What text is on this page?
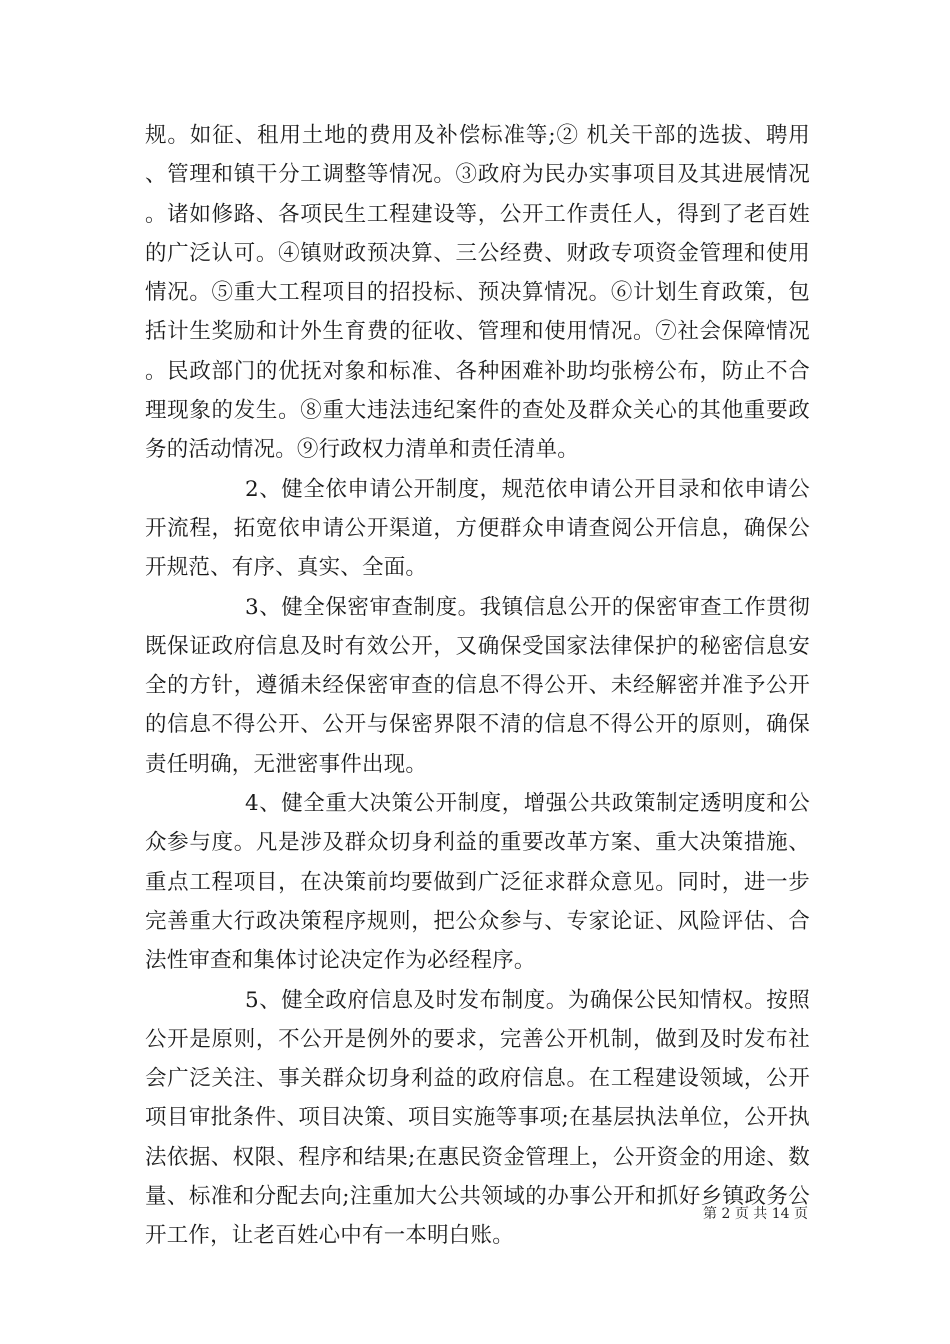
规。如征、租用土地的费用及补偿标准等;② 机关干部的选拔、聘用、管理和镇干分工调整等情况。③政府为民办实事项目及其进展情况。诸如修路、各项民生工程建设等，公开工作责任人，得到了老百姓的广泛认可。④镇财政预决算、三公经费、财政专项资金管理和使用情况。⑤重大工程项目的招投标、预决算情况。⑥计划生育政策，包括计生奖励和计外生育费的征收、管理和使用情况。⑦社会保障情况。民政部门的优抚对象和标准、各种困难补助均张榜公布，防止不合理现象的发生。⑧重大违法违纪案件的查处及群众关心的其他重要政务的活动情况。⑨行政权力清单和责任清单。

2、健全依申请公开制度，规范依申请公开目录和依申请公开流程，拓宽依申请公开渠道，方便群众申请查阅公开信息，确保公开规范、有序、真实、全面。

3、健全保密审查制度。我镇信息公开的保密审查工作贯彻既保证政府信息及时有效公开，又确保受国家法律保护的秘密信息安全的方针，遵循未经保密审查的信息不得公开、未经解密并准予公开的信息不得公开、公开与保密界限不清的信息不得公开的原则，确保责任明确，无泄密事件出现。

4、健全重大决策公开制度，增强公共政策制定透明度和公众参与度。凡是涉及群众切身利益的重要改革方案、重大决策措施、重点工程项目，在决策前均要做到广泛征求群众意见。同时，进一步完善重大行政决策程序规则，把公众参与、专家论证、风险评估、合法性审查和集体讨论决定作为必经程序。

5、健全政府信息及时发布制度。为确保公民知情权。按照公开是原则，不公开是例外的要求，完善公开机制，做到及时发布社会广泛关注、事关群众切身利益的政府信息。在工程建设领域，公开项目审批条件、项目决策、项目实施等事项;在基层执法单位，公开执法依据、权限、程序和结果;在惠民资金管理上，公开资金的用途、数量、标准和分配去向;注重加大公共领域的办事公开和抓好乡镇政务公开工作，让老百姓心中有一本明白账。

第 2 页 共 14 页
